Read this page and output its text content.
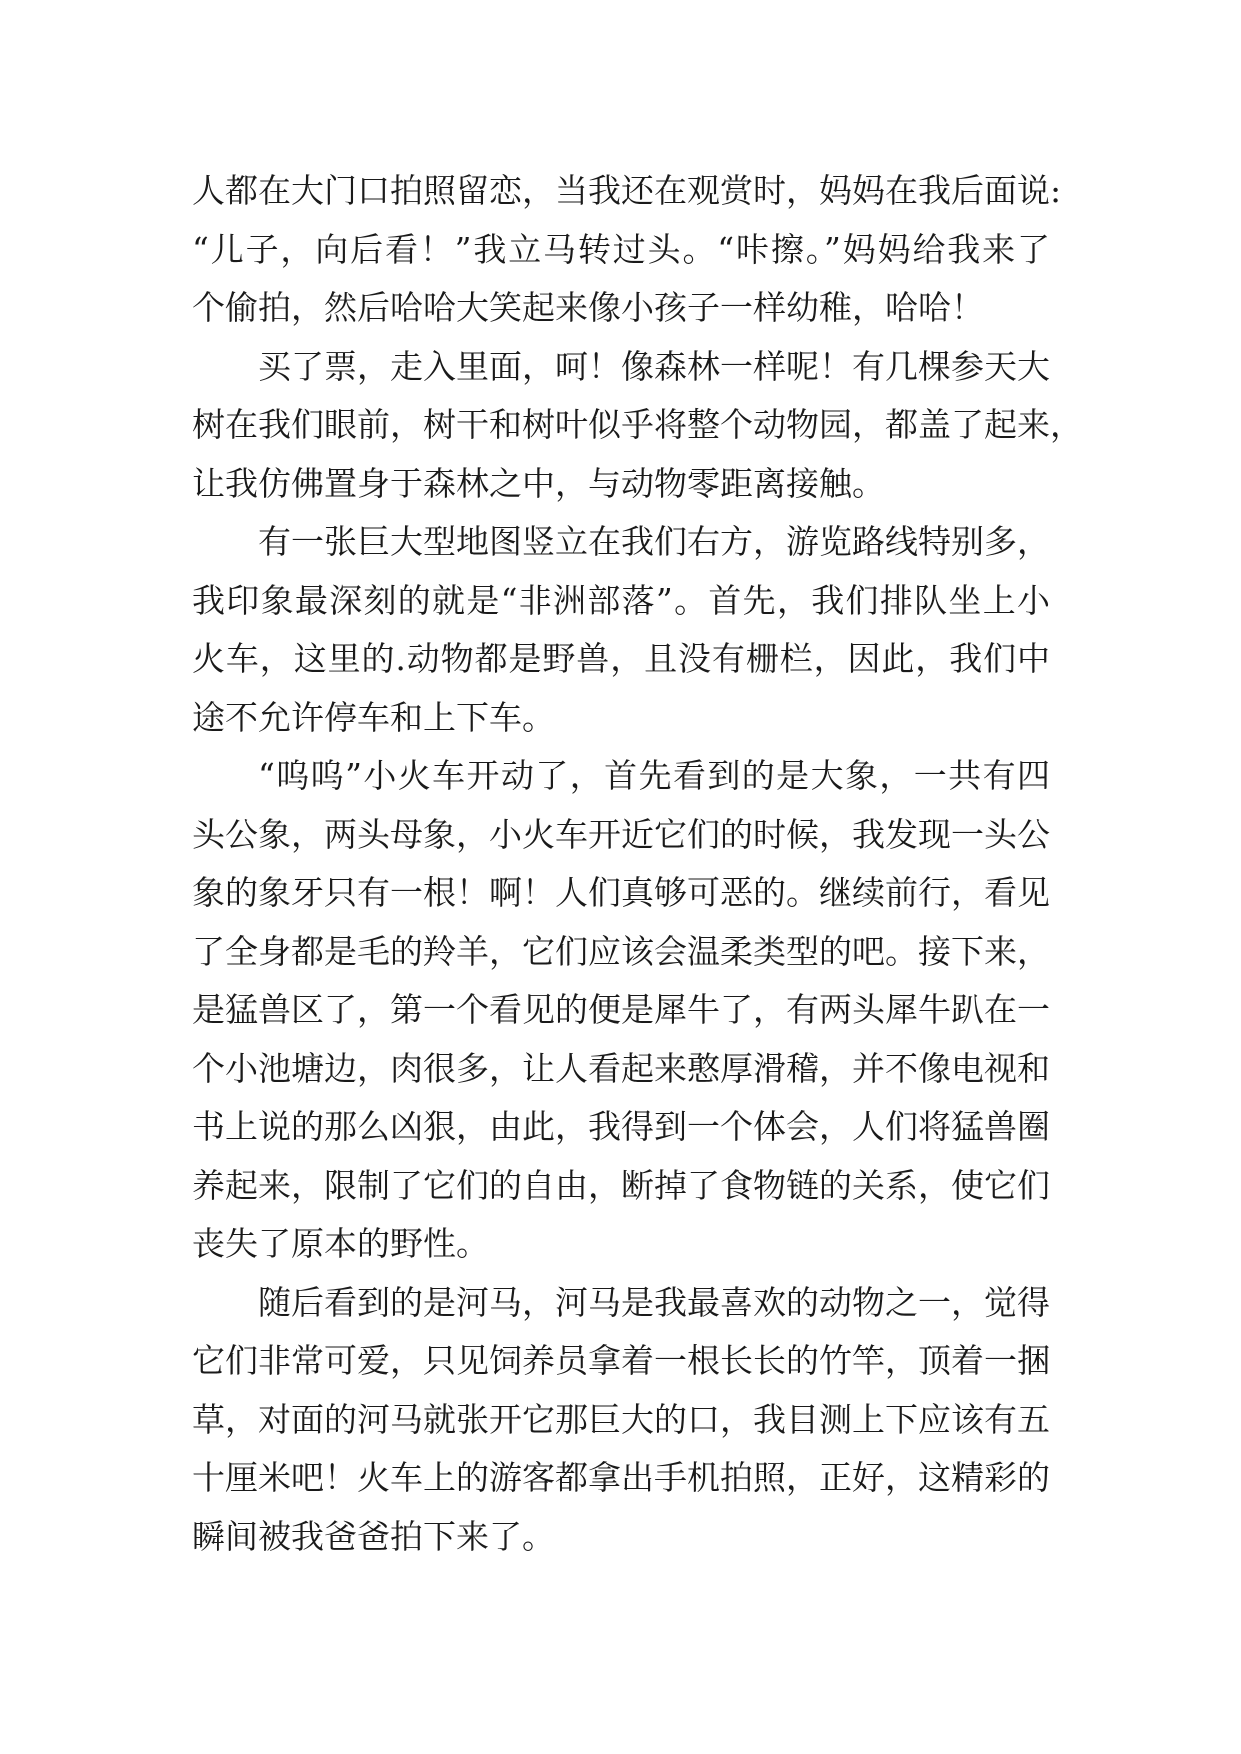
人都在大门口拍照留恋，当我还在观赏时，妈妈在我后面说:
“儿子，向后看！”我立马转过头。“咔擦。”妈妈给我来了
个偷拍，然后哈哈大笑起来像小孩子一样幼稚，哈哈！
买了票，走入里面，呵！像森林一样呢！有几棵参天大
树在我们眼前，树干和树叶似乎将整个动物园，都盖了起来，
让我仿佛置身于森林之中，与动物零距离接触。
有一张巨大型地图竖立在我们右方，游览路线特别多，
我印象最深刻的就是“非洲部落”。首先，我们排队坐上小
火车，这里的.动物都是野兽，且没有栅栏，因此，我们中
途不允许停车和上下车。
“呜呜”小火车开动了，首先看到的是大象，一共有四
头公象，两头母象，小火车开近它们的时候，我发现一头公
象的象牙只有一根！啊！人们真够可恶的。继续前行，看见
了全身都是毛的羚羊，它们应该会温柔类型的吧。接下来，
是猛兽区了，第一个看见的便是犀牛了，有两头犀牛趴在一
个小池塘边，肉很多，让人看起来憨厚滑稽，并不像电视和
书上说的那么凶狠，由此，我得到一个体会，人们将猛兽圈
养起来，限制了它们的自由，断掉了食物链的关系，使它们
丧失了原本的野性。
随后看到的是河马，河马是我最喜欢的动物之一，觉得
它们非常可爱，只见饲养员拿着一根长长的竹竿，顶着一捆
草，对面的河马就张开它那巨大的口，我目测上下应该有五
十厘米吧！火车上的游客都拿出手机拍照，正好，这精彩的
瞬间被我爸爸拍下来了。
